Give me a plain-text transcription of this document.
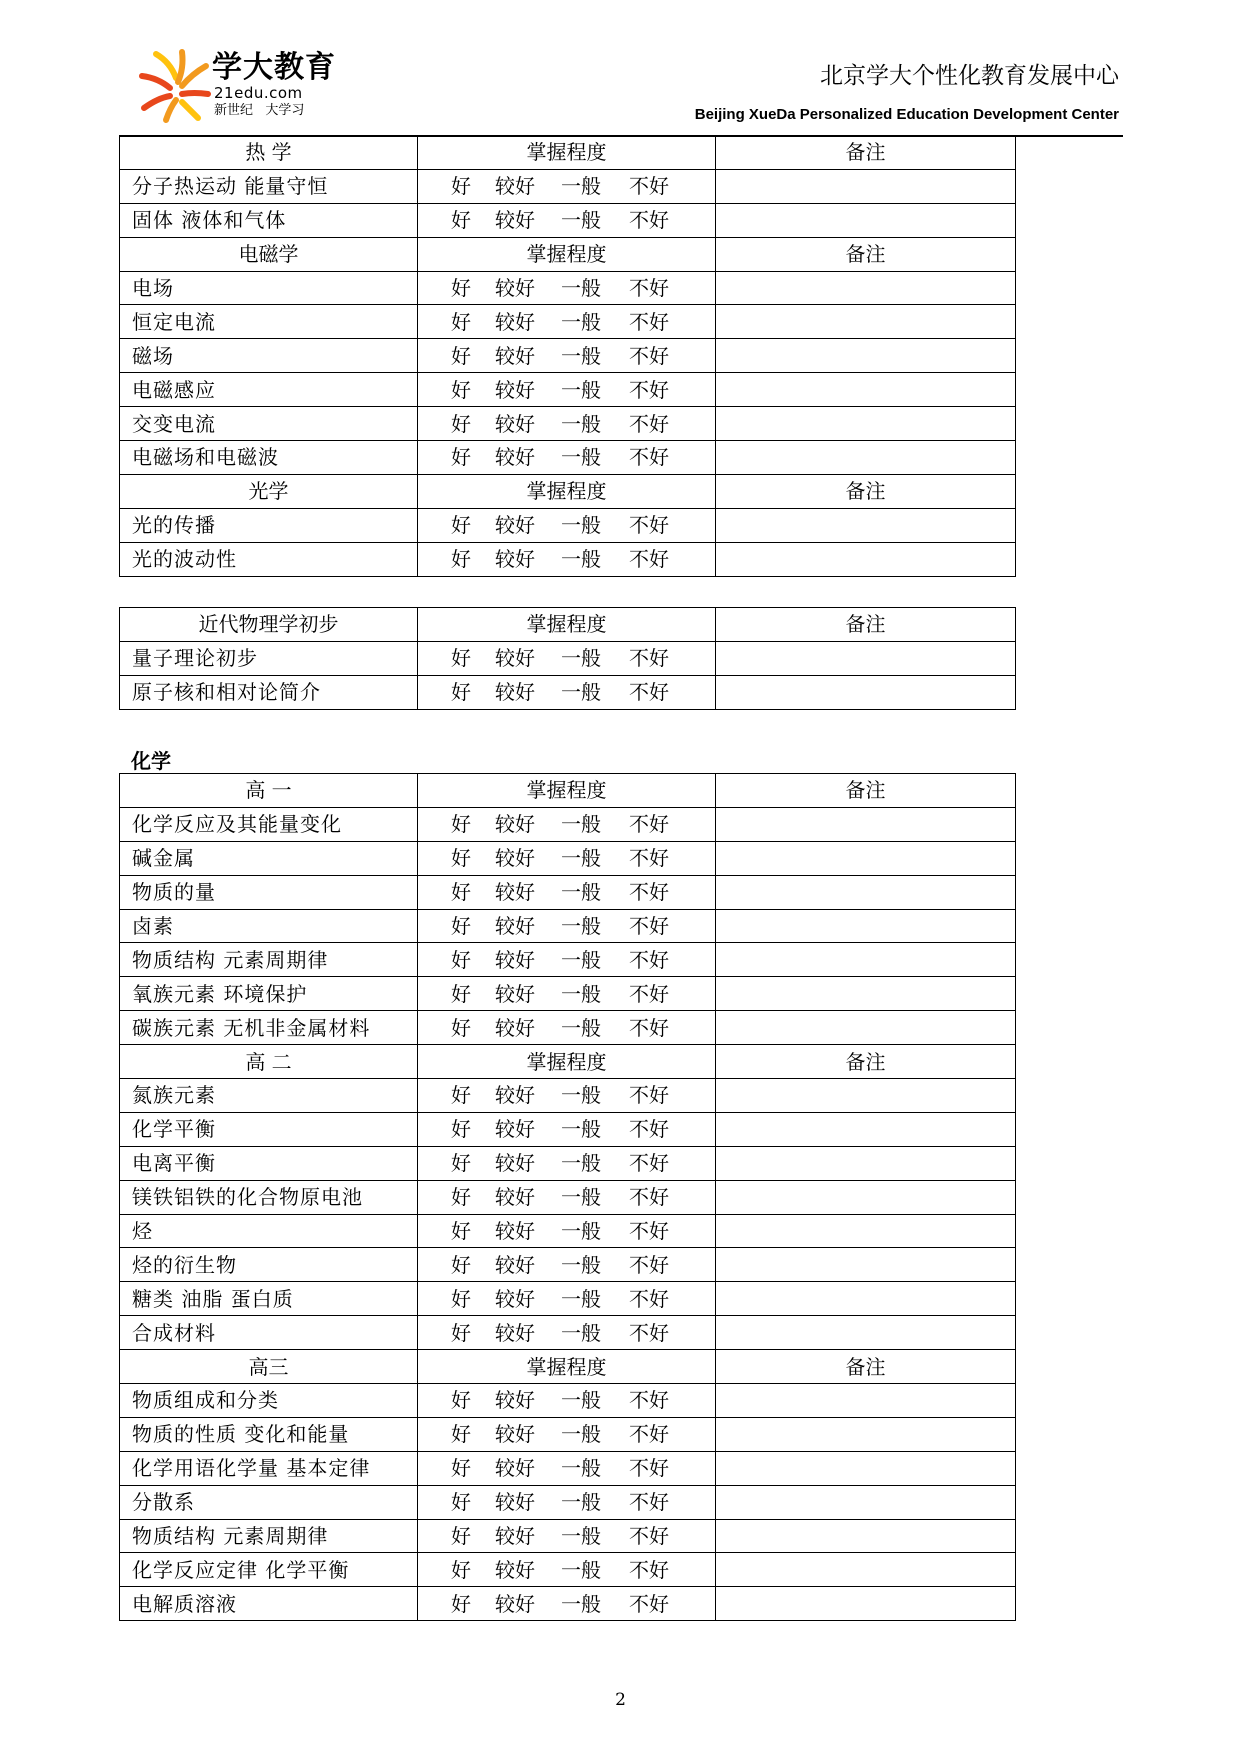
学大教育
21edu.com
新世纪   大学习
北京学大个性化教育发展中心
Beijing XueDa Personalized Education Development Center
热 学	掌握程度	备注
分子热运动 能量守恒	好 较好 一般 不好	
固体 液体和气体	好 较好 一般 不好	
电磁学	掌握程度	备注
电场	好 较好 一般 不好	
恒定电流	好 较好 一般 不好	
磁场	好 较好 一般 不好	
电磁感应	好 较好 一般 不好	
交变电流	好 较好 一般 不好	
电磁场和电磁波	好 较好 一般 不好	
光学	掌握程度	备注
光的传播	好 较好 一般 不好	
光的波动性	好 较好 一般 不好	
近代物理学初步	掌握程度	备注
量子理论初步	好 较好 一般 不好	
原子核和相对论简介	好 较好 一般 不好	
化学
高 一	掌握程度	备注
化学反应及其能量变化	好 较好 一般 不好	
碱金属	好 较好 一般 不好	
物质的量	好 较好 一般 不好	
卤素	好 较好 一般 不好	
物质结构 元素周期律	好 较好 一般 不好	
氧族元素 环境保护	好 较好 一般 不好	
碳族元素 无机非金属材料	好 较好 一般 不好	
高 二	掌握程度	备注
氮族元素	好 较好 一般 不好	
化学平衡	好 较好 一般 不好	
电离平衡	好 较好 一般 不好	
镁铁铝铁的化合物原电池	好 较好 一般 不好	
烃	好 较好 一般 不好	
烃的衍生物	好 较好 一般 不好	
糖类 油脂 蛋白质	好 较好 一般 不好	
合成材料	好 较好 一般 不好	
高三	掌握程度	备注
物质组成和分类	好 较好 一般 不好	
物质的性质 变化和能量	好 较好 一般 不好	
化学用语化学量 基本定律	好 较好 一般 不好	
分散系	好 较好 一般 不好	
物质结构 元素周期律	好 较好 一般 不好	
化学反应定律 化学平衡	好 较好 一般 不好	
电解质溶液	好 较好 一般 不好	
2
